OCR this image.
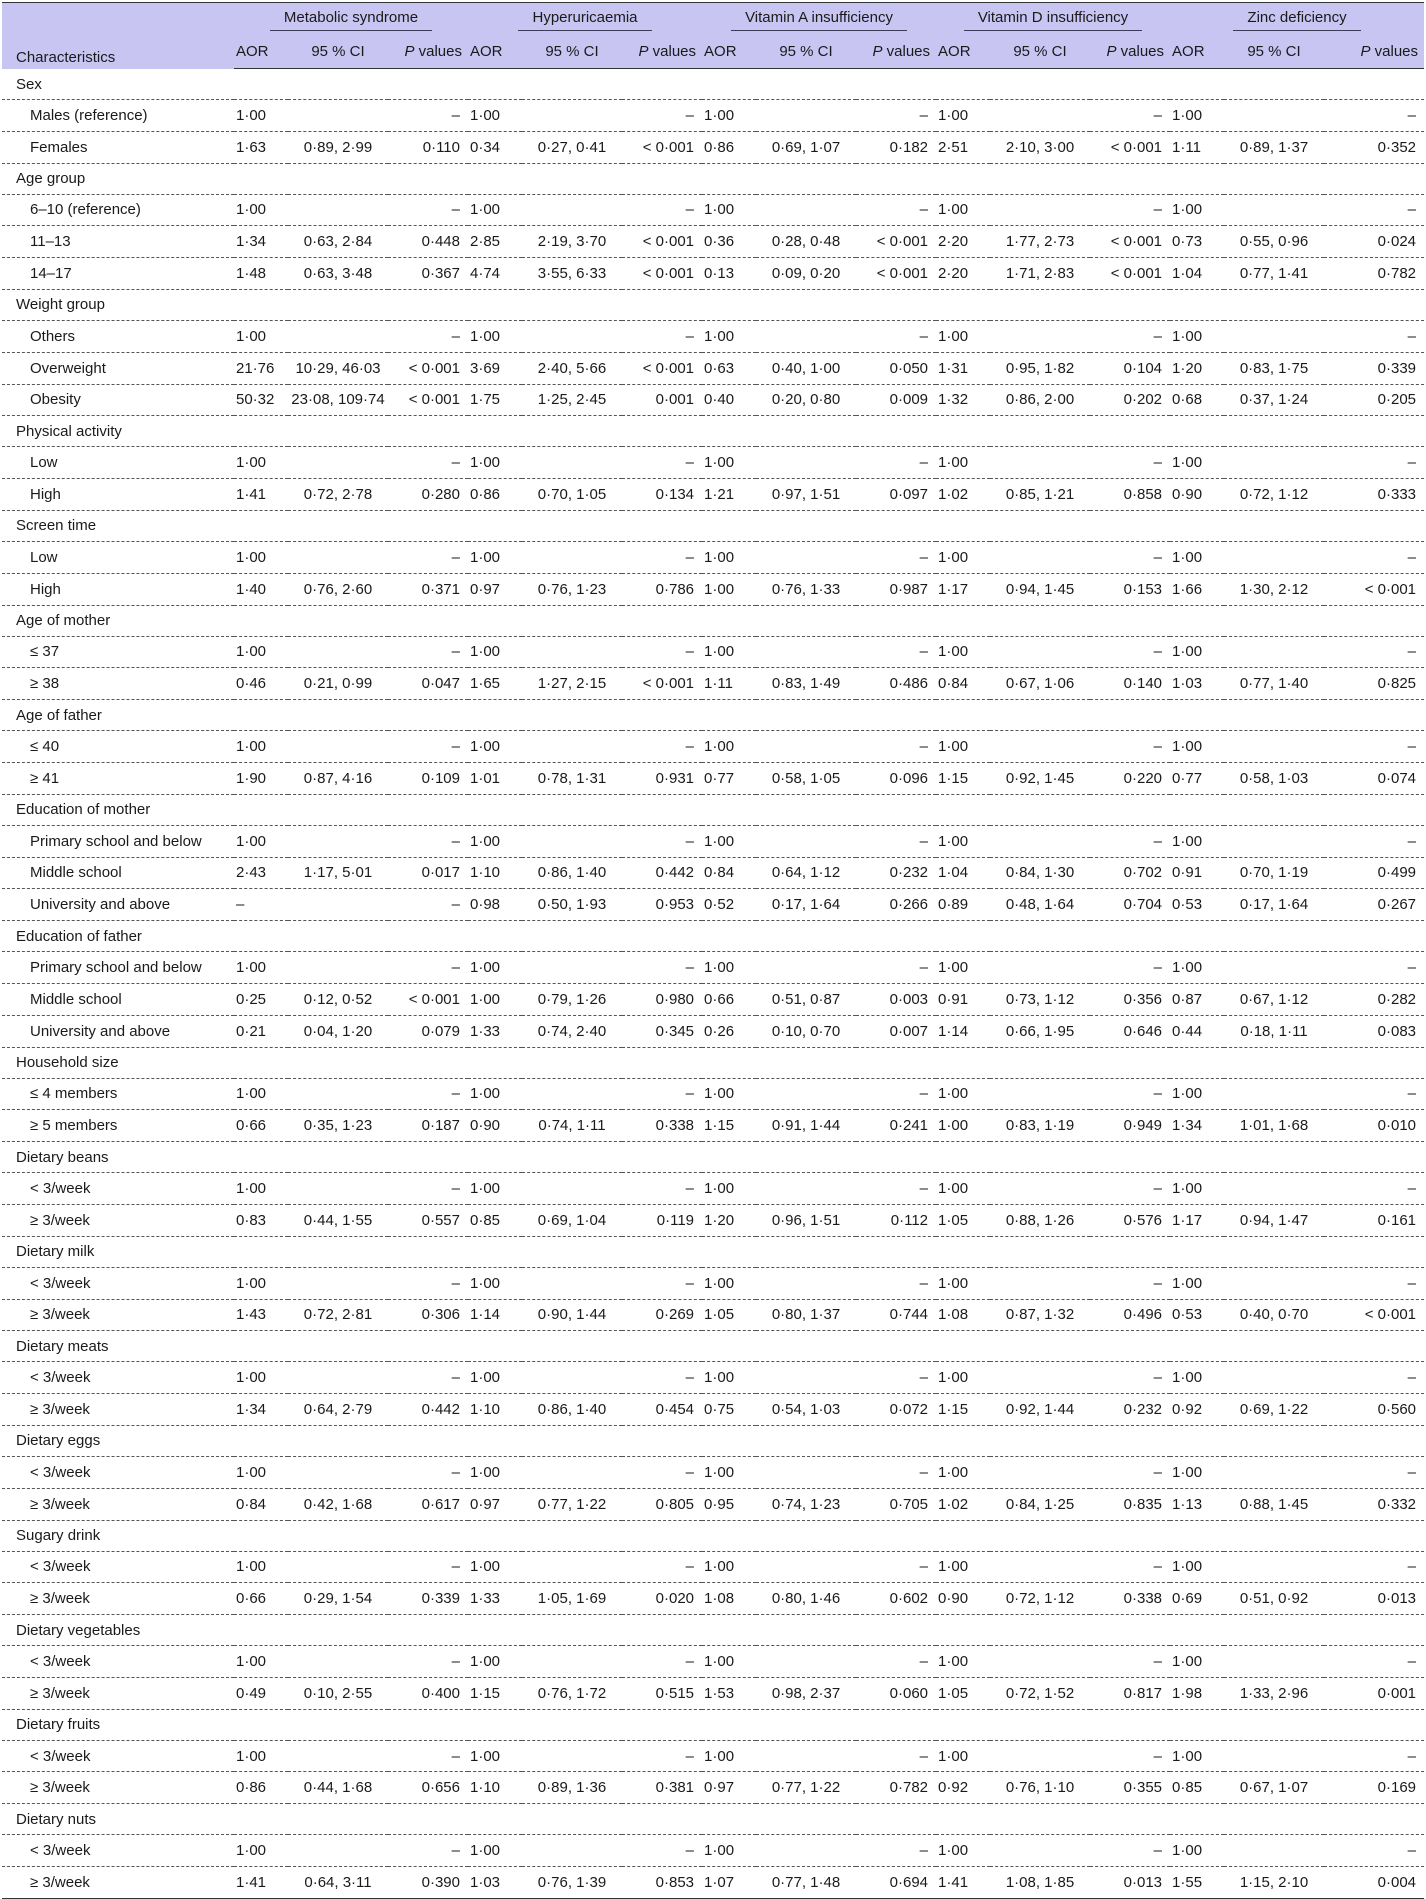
Characteristics	Metabolic syndrome			Hyperuricaemia			Vitamin A insufficiency			Vitamin D insufficiency			Zinc deficiency		
	AOR	95 % CI	P values	AOR	95 % CI	P values	AOR	95 % CI	P values	AOR	95 % CI	P values	AOR	95 % CI	P values
Sex															
Males (reference)	1·00		–	1·00		–	1·00		–	1·00		–	1·00		–
Females	1·63	0·89, 2·99	0·110	0·34	0·27, 0·41	< 0·001	0·86	0·69, 1·07	0·182	2·51	2·10, 3·00	< 0·001	1·11	0·89, 1·37	0·352
Age group															
6–10 (reference)	1·00		–	1·00		–	1·00		–	1·00		–	1·00		–
11–13	1·34	0·63, 2·84	0·448	2·85	2·19, 3·70	< 0·001	0·36	0·28, 0·48	< 0·001	2·20	1·77, 2·73	< 0·001	0·73	0·55, 0·96	0·024
14–17	1·48	0·63, 3·48	0·367	4·74	3·55, 6·33	< 0·001	0·13	0·09, 0·20	< 0·001	2·20	1·71, 2·83	< 0·001	1·04	0·77, 1·41	0·782
Weight group															
Others	1·00		–	1·00		–	1·00		–	1·00		–	1·00		–
Overweight	21·76	10·29, 46·03	< 0·001	3·69	2·40, 5·66	< 0·001	0·63	0·40, 1·00	0·050	1·31	0·95, 1·82	0·104	1·20	0·83, 1·75	0·339
Obesity	50·32	23·08, 109·74	< 0·001	1·75	1·25, 2·45	0·001	0·40	0·20, 0·80	0·009	1·32	0·86, 2·00	0·202	0·68	0·37, 1·24	0·205
Physical activity															
Low	1·00		–	1·00		–	1·00		–	1·00		–	1·00		–
High	1·41	0·72, 2·78	0·280	0·86	0·70, 1·05	0·134	1·21	0·97, 1·51	0·097	1·02	0·85, 1·21	0·858	0·90	0·72, 1·12	0·333
Screen time															
Low	1·00		–	1·00		–	1·00		–	1·00		–	1·00		–
High	1·40	0·76, 2·60	0·371	0·97	0·76, 1·23	0·786	1·00	0·76, 1·33	0·987	1·17	0·94, 1·45	0·153	1·66	1·30, 2·12	< 0·001
Age of mother															
≤ 37	1·00		–	1·00		–	1·00		–	1·00		–	1·00		–
≥ 38	0·46	0·21, 0·99	0·047	1·65	1·27, 2·15	< 0·001	1·11	0·83, 1·49	0·486	0·84	0·67, 1·06	0·140	1·03	0·77, 1·40	0·825
Age of father															
≤ 40	1·00		–	1·00		–	1·00		–	1·00		–	1·00		–
≥ 41	1·90	0·87, 4·16	0·109	1·01	0·78, 1·31	0·931	0·77	0·58, 1·05	0·096	1·15	0·92, 1·45	0·220	0·77	0·58, 1·03	0·074
Education of mother															
Primary school and below	1·00		–	1·00		–	1·00		–	1·00		–	1·00		–
Middle school	2·43	1·17, 5·01	0·017	1·10	0·86, 1·40	0·442	0·84	0·64, 1·12	0·232	1·04	0·84, 1·30	0·702	0·91	0·70, 1·19	0·499
University and above	–		–	0·98	0·50, 1·93	0·953	0·52	0·17, 1·64	0·266	0·89	0·48, 1·64	0·704	0·53	0·17, 1·64	0·267
Education of father															
Primary school and below	1·00		–	1·00		–	1·00		–	1·00		–	1·00		–
Middle school	0·25	0·12, 0·52	< 0·001	1·00	0·79, 1·26	0·980	0·66	0·51, 0·87	0·003	0·91	0·73, 1·12	0·356	0·87	0·67, 1·12	0·282
University and above	0·21	0·04, 1·20	0·079	1·33	0·74, 2·40	0·345	0·26	0·10, 0·70	0·007	1·14	0·66, 1·95	0·646	0·44	0·18, 1·11	0·083
Household size															
≤ 4 members	1·00		–	1·00		–	1·00		–	1·00		–	1·00		–
≥ 5 members	0·66	0·35, 1·23	0·187	0·90	0·74, 1·11	0·338	1·15	0·91, 1·44	0·241	1·00	0·83, 1·19	0·949	1·34	1·01, 1·68	0·010
Dietary beans															
< 3/week	1·00		–	1·00		–	1·00		–	1·00		–	1·00		–
≥ 3/week	0·83	0·44, 1·55	0·557	0·85	0·69, 1·04	0·119	1·20	0·96, 1·51	0·112	1·05	0·88, 1·26	0·576	1·17	0·94, 1·47	0·161
Dietary milk															
< 3/week	1·00		–	1·00		–	1·00		–	1·00		–	1·00		–
≥ 3/week	1·43	0·72, 2·81	0·306	1·14	0·90, 1·44	0·269	1·05	0·80, 1·37	0·744	1·08	0·87, 1·32	0·496	0·53	0·40, 0·70	< 0·001
Dietary meats															
< 3/week	1·00		–	1·00		–	1·00		–	1·00		–	1·00		–
≥ 3/week	1·34	0·64, 2·79	0·442	1·10	0·86, 1·40	0·454	0·75	0·54, 1·03	0·072	1·15	0·92, 1·44	0·232	0·92	0·69, 1·22	0·560
Dietary eggs															
< 3/week	1·00		–	1·00		–	1·00		–	1·00		–	1·00		–
≥ 3/week	0·84	0·42, 1·68	0·617	0·97	0·77, 1·22	0·805	0·95	0·74, 1·23	0·705	1·02	0·84, 1·25	0·835	1·13	0·88, 1·45	0·332
Sugary drink															
< 3/week	1·00		–	1·00		–	1·00		–	1·00		–	1·00		–
≥ 3/week	0·66	0·29, 1·54	0·339	1·33	1·05, 1·69	0·020	1·08	0·80, 1·46	0·602	0·90	0·72, 1·12	0·338	0·69	0·51, 0·92	0·013
Dietary vegetables															
< 3/week	1·00		–	1·00		–	1·00		–	1·00		–	1·00		–
≥ 3/week	0·49	0·10, 2·55	0·400	1·15	0·76, 1·72	0·515	1·53	0·98, 2·37	0·060	1·05	0·72, 1·52	0·817	1·98	1·33, 2·96	0·001
Dietary fruits															
< 3/week	1·00		–	1·00		–	1·00		–	1·00		–	1·00		–
≥ 3/week	0·86	0·44, 1·68	0·656	1·10	0·89, 1·36	0·381	0·97	0·77, 1·22	0·782	0·92	0·76, 1·10	0·355	0·85	0·67, 1·07	0·169
Dietary nuts															
< 3/week	1·00		–	1·00		–	1·00		–	1·00		–	1·00		–
≥ 3/week	1·41	0·64, 3·11	0·390	1·03	0·76, 1·39	0·853	1·07	0·77, 1·48	0·694	1·41	1·08, 1·85	0·013	1·55	1·15, 2·10	0·004
